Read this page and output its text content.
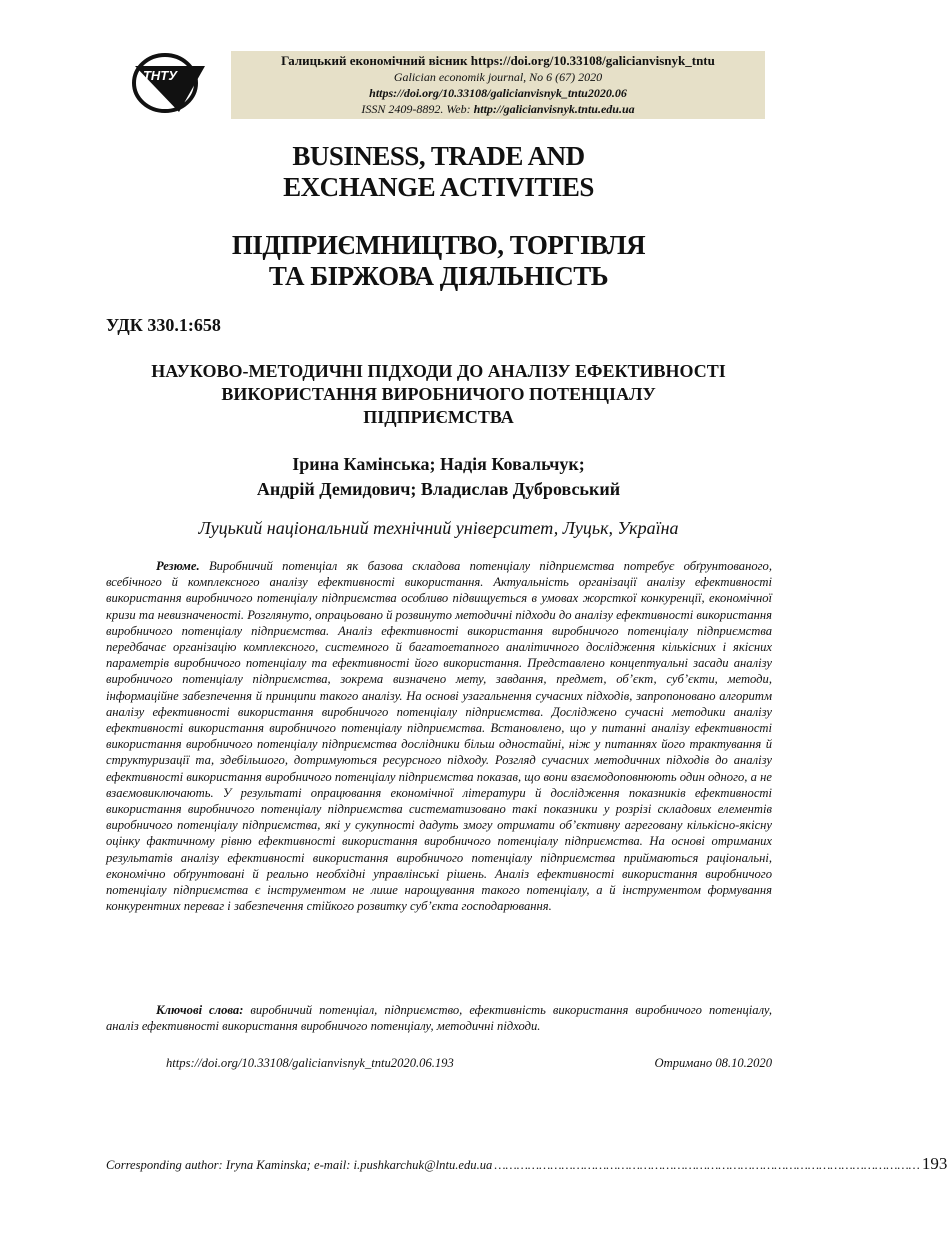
ТНТУ
Галицький економічний вісник https://doi.org/10.33108/galicianvisnyk_tntu
Galician economik journal, No 6 (67) 2020
https://doi.org/10.33108/galicianvisnyk_tntu2020.06
ISSN 2409-8892. Web: http://galicianvisnyk.tntu.edu.ua
BUSINESS, TRADE AND
EXCHANGE ACTIVITIES
ПІДПРИЄМНИЦТВО, ТОРГІВЛЯ
ТА БІРЖОВА ДІЯЛЬНІСТЬ
УДК 330.1:658
НАУКОВО-МЕТОДИЧНІ ПІДХОДИ ДО АНАЛІЗУ ЕФЕКТИВНОСТІ
ВИКОРИСТАННЯ ВИРОБНИЧОГО ПОТЕНЦІАЛУ
ПІДПРИЄМСТВА
Ірина Камінська; Надія Ковальчук;
Андрій Демидович; Владислав Дубровський
Луцький національний технічний університет, Луцьк, Україна

Резюме. Виробничий потенціал як базова складова потенціалу підприємства потребує обґрунтованого, всебічного й комплексного аналізу ефективності використання. Актуальність організації аналізу ефективності використання виробничого потенціалу підприємства особливо підвищується в умовах жорсткої конкуренції, економічної кризи та невизначеності. Розглянуто, опрацьовано й розвинуто методичні підходи до аналізу ефективності використання виробничого потенціалу підприємства. Аналіз ефективності використання виробничого потенціалу підприємства передбачає організацію комплексного, системного й багатоетапного аналітичного дослідження кількісних і якісних параметрів виробничого потенціалу та ефективності його використання. Представлено концептуальні засади аналізу виробничого потенціалу підприємства, зокрема визначено мету, завдання, предмет, об’єкт, суб’єкти, методи, інформаційне забезпечення й принципи такого аналізу. На основі узагальнення сучасних підходів, запропоновано алгоритм аналізу ефективності використання виробничого потенціалу підприємства. Досліджено сучасні методики аналізу ефективності використання виробничого потенціалу підприємства. Встановлено, що у питанні аналізу ефективності використання виробничого потенціалу підприємства дослідники більш одностайні, ніж у питаннях його трактування й структуризації та, здебільшого, дотримуються ресурсного підходу. Розгляд сучасних методичних підходів до аналізу ефективності використання виробничого потенціалу підприємства показав, що вони взаємодоповнюють один одного, а не взаємовиключають. У результаті опрацювання економічної літератури й дослідження показників ефективності використання виробничого потенціалу підприємства систематизовано такі показники у розрізі складових елементів виробничого потенціалу підприємства, які у сукупності дадуть змогу отримати об’єктивну агреговану кількісно-якісну оцінку фактичному рівню ефективності використання виробничого потенціалу підприємства. На основі отриманих результатів аналізу ефективності використання виробничого потенціалу підприємства приймаються раціональні, економічно обґрунтовані й реально необхідні управлінські рішень. Аналіз ефективності використання виробничого потенціалу підприємства є інструментом не лише нарощування такого потенціалу, а й інструментом формування конкурентних переваг і забезпечення стійкого розвитку суб’єкта господарювання.

Ключові слова: виробничий потенціал, підприємство, ефективність використання виробничого потенціалу, аналіз ефективності використання виробничого потенціалу, методичні підходи.

https://doi.org/10.33108/galicianvisnyk_tntu2020.06.193	Отримано 08.10.2020
Corresponding author: Iryna Kaminska; e-mail: i.pushkarchuk@lntu.edu.ua …………………………………………………………………………………………………… 193
